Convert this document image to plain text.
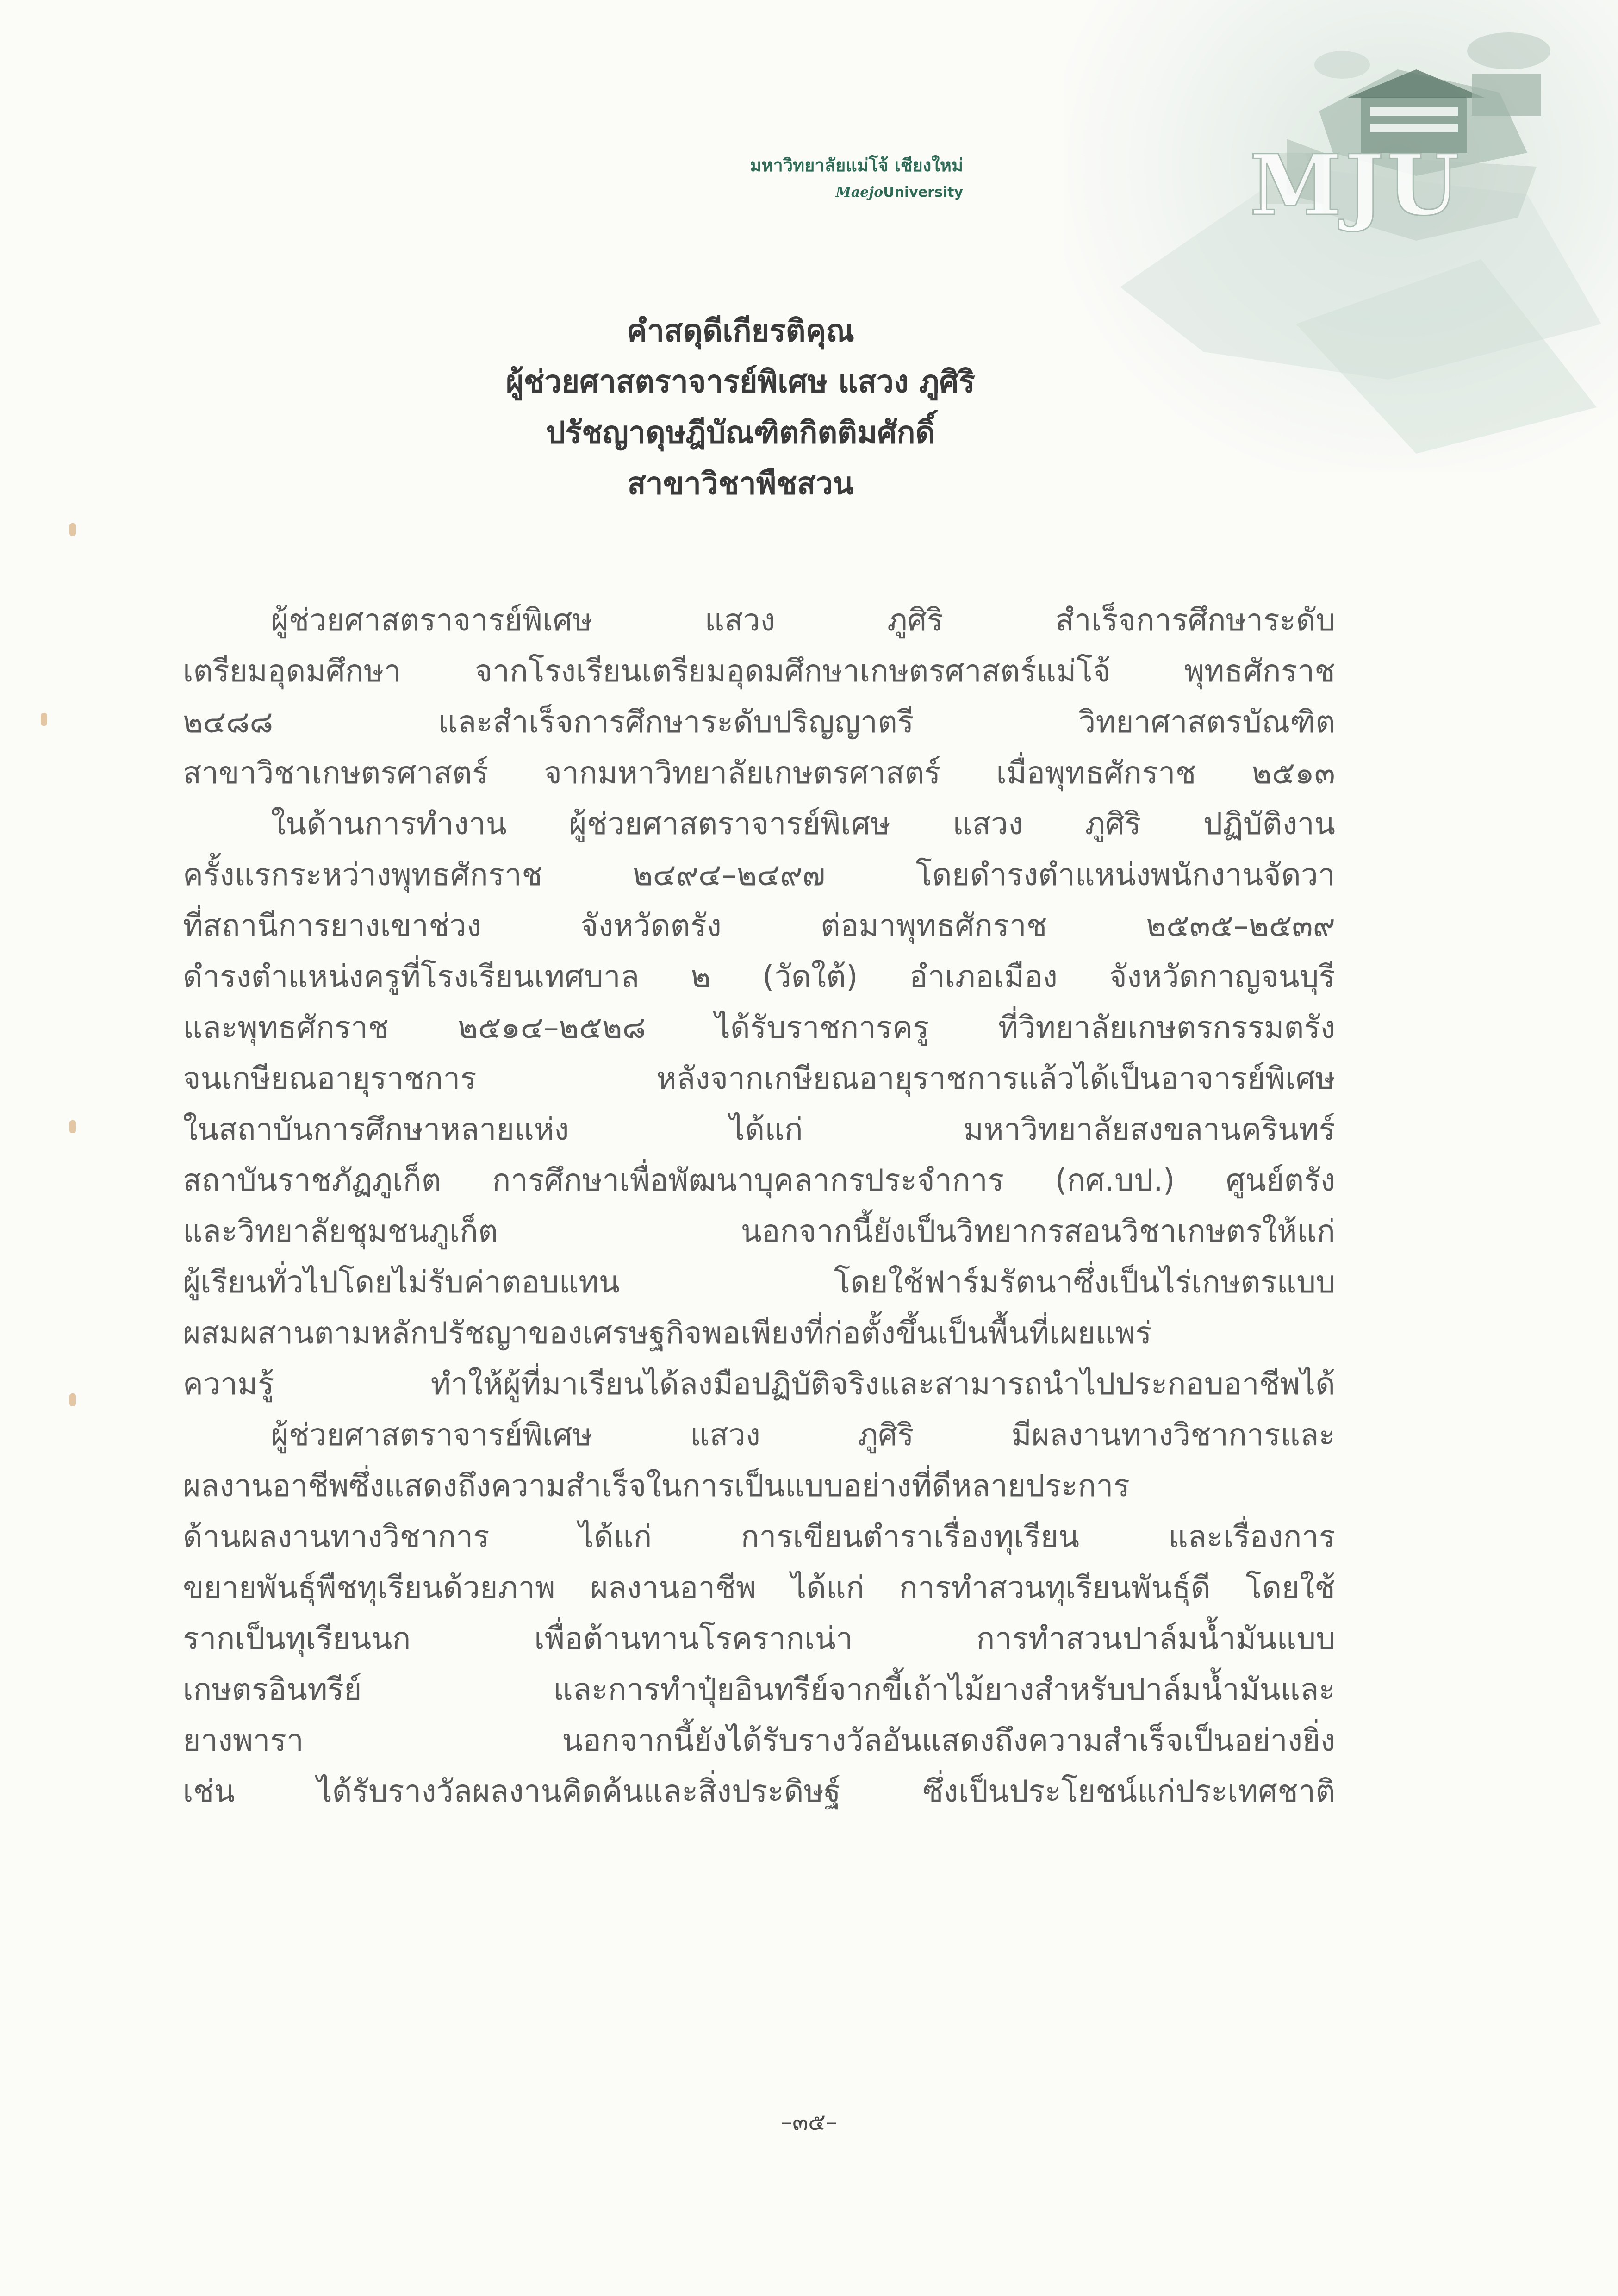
MJU
มหาวิทยาลัยแม่โจ้ เชียงใหม่
MaejoUniversity
คำสดุดีเกียรติคุณ
ผู้ช่วยศาสตราจารย์พิเศษ แสวง ภูศิริ
ปรัชญาดุษฎีบัณฑิตกิตติมศักดิ์
สาขาวิชาพืชสวน
ผู้ช่วยศาสตราจารย์พิเศษ แสวง ภูศิริ สำเร็จการศึกษาระดับ
เตรียมอุดมศึกษา จากโรงเรียนเตรียมอุดมศึกษาเกษตรศาสตร์แม่โจ้ พุทธศักราช
๒๔๘๘ และสำเร็จการศึกษาระดับปริญญาตรี วิทยาศาสตรบัณฑิต
สาขาวิชาเกษตรศาสตร์ จากมหาวิทยาลัยเกษตรศาสตร์ เมื่อพุทธศักราช ๒๕๑๓
ในด้านการทำงาน ผู้ช่วยศาสตราจารย์พิเศษ แสวง ภูศิริ ปฏิบัติงาน
ครั้งแรกระหว่างพุทธศักราช ๒๔๙๔–๒๔๙๗ โดยดำรงตำแหน่งพนักงานจัดวา
ที่สถานีการยางเขาช่วง จังหวัดตรัง ต่อมาพุทธศักราช ๒๕๓๕–๒๕๓๙
ดำรงตำแหน่งครูที่โรงเรียนเทศบาล ๒ (วัดใต้) อำเภอเมือง จังหวัดกาญจนบุรี
และพุทธศักราช ๒๕๑๔–๒๕๒๘ ได้รับราชการครู ที่วิทยาลัยเกษตรกรรมตรัง
จนเกษียณอายุราชการ หลังจากเกษียณอายุราชการแล้วได้เป็นอาจารย์พิเศษ
ในสถาบันการศึกษาหลายแห่ง ได้แก่ มหาวิทยาลัยสงขลานครินทร์
สถาบันราชภัฏภูเก็ต การศึกษาเพื่อพัฒนาบุคลากรประจำการ (กศ.บป.) ศูนย์ตรัง
และวิทยาลัยชุมชนภูเก็ต นอกจากนี้ยังเป็นวิทยากรสอนวิชาเกษตรให้แก่
ผู้เรียนทั่วไปโดยไม่รับค่าตอบแทน โดยใช้ฟาร์มรัตนาซึ่งเป็นไร่เกษตรแบบ
ผสมผสานตามหลักปรัชญาของเศรษฐกิจพอเพียงที่ก่อตั้งขึ้นเป็นพื้นที่เผยแพร่
ความรู้ ทำให้ผู้ที่มาเรียนได้ลงมือปฏิบัติจริงและสามารถนำไปประกอบอาชีพได้
ผู้ช่วยศาสตราจารย์พิเศษ แสวง ภูศิริ มีผลงานทางวิชาการและ
ผลงานอาชีพซึ่งแสดงถึงความสำเร็จในการเป็นแบบอย่างที่ดีหลายประการ
ด้านผลงานทางวิชาการ ได้แก่ การเขียนตำราเรื่องทุเรียน และเรื่องการ
ขยายพันธุ์พืชทุเรียนด้วยภาพ ผลงานอาชีพ ได้แก่ การทำสวนทุเรียนพันธุ์ดี โดยใช้
รากเป็นทุเรียนนก เพื่อต้านทานโรครากเน่า การทำสวนปาล์มน้ำมันแบบ
เกษตรอินทรีย์ และการทำปุ๋ยอินทรีย์จากขี้เถ้าไม้ยางสำหรับปาล์มน้ำมันและ
ยางพารา นอกจากนี้ยังได้รับรางวัลอันแสดงถึงความสำเร็จเป็นอย่างยิ่ง
เช่น ได้รับรางวัลผลงานคิดค้นและสิ่งประดิษฐ์ ซึ่งเป็นประโยชน์แก่ประเทศชาติ
–๓๕–
